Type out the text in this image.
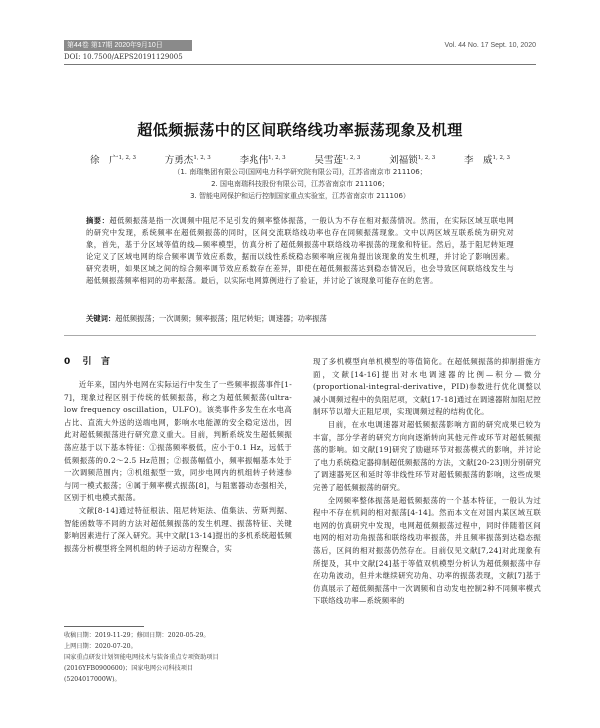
第44卷 第17期 2020年9月10日	Vol. 44 No. 17 Sept. 10, 2020
DOI: 10.7500/AEPS20191129005
超低频振荡中的区间联络线功率振荡现象及机理
徐　广$^{1, 2, 3}$	方勇杰$^{1, 2, 3}$	李兆伟$^{1, 2, 3}$	吴雪莲$^{1, 2, 3}$	刘福锁$^{1, 2, 3}$	李　威$^{1, 2, 3}$
（1. 南瑞集团有限公司(国网电力科学研究院有限公司)，江苏省南京市 211106；
2. 国电南瑞科技股份有限公司，江苏省南京市 211106；
3. 智能电网保护和运行控制国家重点实验室，江苏省南京市 211106）
摘要：超低频振荡是指一次调频中阻尼不足引发的频率整体振荡，一般认为不存在相对振荡情况。然而，在实际区域互联电网的研究中发现，系统频率在超低频振荡的同时，区间交流联络线功率也存在同频振荡现象。文中以两区域互联系统为研究对象，首先，基于分区域等值的线—频率模型，仿真分析了超低频振荡中联络线功率振荡的现象和特征。然后，基于阻尼转矩理论定义了区域电网的综合频率调节效应系数，据而以线性系统稳态频率响应视角提出该现象的发生机理，并讨论了影响因素。研究表明，如果区域之间的综合频率调节效应系数存在差异，即使在超低频振荡达到稳态情况后，也会导致区间联络线发生与超低频振荡频率相同的功率振荡。最后，以实际电网算例进行了验证，并讨论了该现象可能存在的危害。
关键词：超低频振荡；一次调频；频率振荡；阻尼转矩；调速器；功率振荡
0 引　言

近年来，国内外电网在实际运行中发生了一些频率振荡事件[1-7]，现象过程区别于传统的低频振荡，称之为超低频振荡(ultra-low frequency oscillation，ULFO)。该类事件多发生在水电高占比、直流大外送的送端电网，影响水电能源的安全稳定送出，因此对超低频振荡进行研究意义重大。目前，判断系统发生超低频振荡应基于以下基本特征：①振荡频率极低，应小于0.1 Hz，远低于低频振荡的0.2～2.5 Hz范围；②振荡幅值小，频率振幅基本处于一次调频范围内；③机组振型一致，同步电网内的机组转子转速参与同一模式振荡；④属于频率模式振荡[8]，与阻塞器动态强相关，区别于机电模式振荡。

文献[8-14]通过特征根法、阻尼转矩法、值集法、劳斯判据、智能函数等不同的方法对超低频振荡的发生机理、振荡特征、关键影响因素进行了深入研究。其中文献[13-14]提出的多机系统超低频振荡分析模型将全网机组的转子运动方程聚合，实

现了多机模型向单机模型的等值简化。在超低频振荡的抑制措施方面，文献[14-16]提出对水电调速器的比例—积分—微分(proportional-integral-derivative，PID)参数进行优化调整以减小调频过程中的负阻尼项，文献[17-18]通过在调速器附加阻尼控制环节以增大正阻尼项，实现调频过程的结构优化。

目前，在水电调速器对超低频振荡影响方面的研究成果已较为丰富，部分学者的研究方向向逐渐转向其他元件或环节对超低频振荡的影响。如文献[19]研究了励磁环节对振荡模式的影响，并讨论了电力系统稳定器抑制超低频振荡的方法，文献[20-23]则分别研究了调速器死区和延时等非线性环节对超低频振荡的影响，这些成果完善了超低频振荡的研究。

全网频率整体振荡是超低频振荡的一个基本特征，一般认为过程中不存在机间的相对振荡[4-14]。然而本文在对国内某区域互联电网的仿真研究中发现，电网超低频振荡过程中，同时伴随着区间电网的相对功角振荡和联络线功率振荡，并且频率振荡到达稳态振荡后，区间的相对振荡仍然存在。目前仅见文献[7,24]对此现象有所提及，其中文献[24]基于等值双机模型分析认为超低频振荡中存在功角波动，但并未继续研究功角、功率的振荡表现，文献[7]基于仿真展示了超低频振荡中一次调频和自动发电控制2种不同频率模式下联络线功率—系统频率的

收稿日期：2019-11-29；修回日期：2020-05-29。
上网日期：2020-07-20。
国家重点研发计划智能电网技术与装备重点专项资助项目
(2016YFB0900600)；国家电网公司科技项目
(5204017000W)。
